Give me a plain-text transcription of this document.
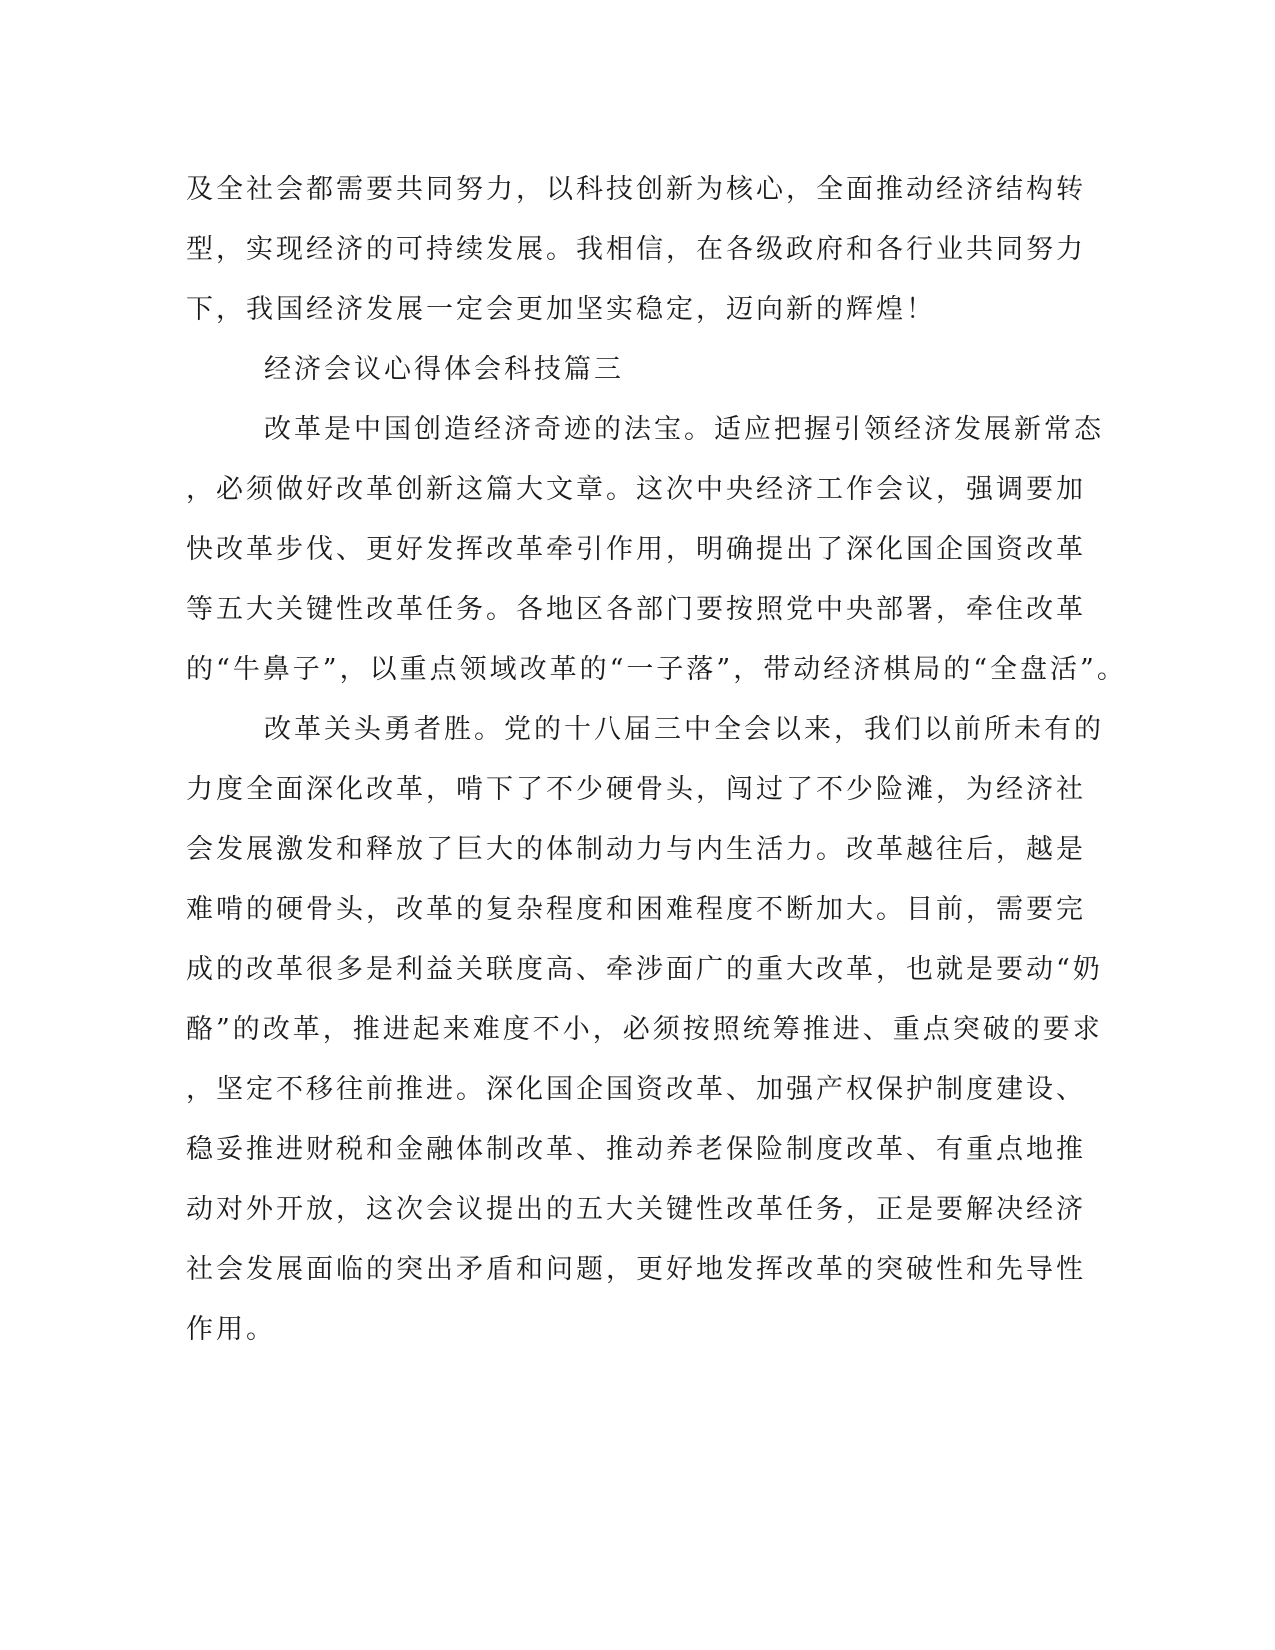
及全社会都需要共同努力，以科技创新为核心，全面推动经济结构转
型，实现经济的可持续发展。我相信，在各级政府和各行业共同努力
下，我国经济发展一定会更加坚实稳定，迈向新的辉煌！
经济会议心得体会科技篇三
改革是中国创造经济奇迹的法宝。适应把握引领经济发展新常态
，必须做好改革创新这篇大文章。这次中央经济工作会议，强调要加
快改革步伐、更好发挥改革牵引作用，明确提出了深化国企国资改革
等五大关键性改革任务。各地区各部门要按照党中央部署，牵住改革
的“牛鼻子”，以重点领域改革的“一子落”，带动经济棋局的“全盘活”。
改革关头勇者胜。党的十八届三中全会以来，我们以前所未有的
力度全面深化改革，啃下了不少硬骨头，闯过了不少险滩，为经济社
会发展激发和释放了巨大的体制动力与内生活力。改革越往后，越是
难啃的硬骨头，改革的复杂程度和困难程度不断加大。目前，需要完
成的改革很多是利益关联度高、牵涉面广的重大改革，也就是要动“奶
酪”的改革，推进起来难度不小，必须按照统筹推进、重点突破的要求
，坚定不移往前推进。深化国企国资改革、加强产权保护制度建设、
稳妥推进财税和金融体制改革、推动养老保险制度改革、有重点地推
动对外开放，这次会议提出的五大关键性改革任务，正是要解决经济
社会发展面临的突出矛盾和问题，更好地发挥改革的突破性和先导性
作用。
